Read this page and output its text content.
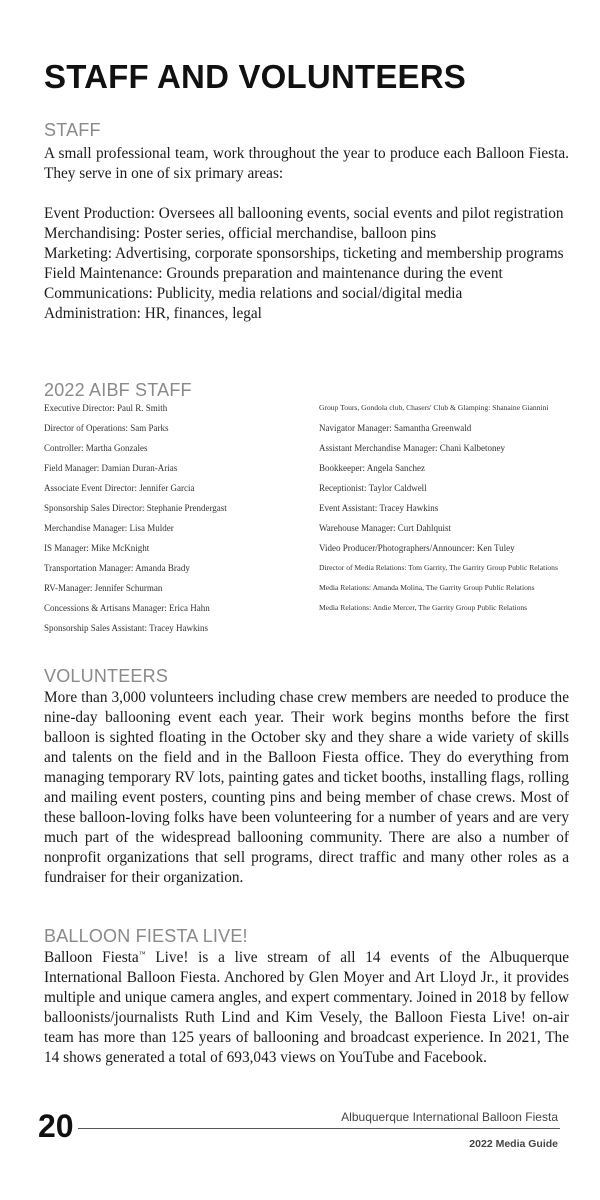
STAFF AND VOLUNTEERS
STAFF

A small professional team, work throughout the year to produce each Balloon Fiesta. They serve in one of six primary areas:

Event Production: Oversees all ballooning events, social events and pilot registration

Merchandising: Poster series, official merchandise, balloon pins

Marketing: Advertising, corporate sponsorships, ticketing and membership programs

Field Maintenance: Grounds preparation and maintenance during the event

Communications: Publicity, media relations and social/digital media

Administration: HR, finances, legal

2022 AIBF STAFF
Executive Director: Paul R. Smith
Director of Operations: Sam Parks
Controller: Martha Gonzales
Field Manager: Damian Duran-Arias
Associate Event Director: Jennifer Garcia
Sponsorship Sales Director: Stephanie Prendergast
Merchandise Manager: Lisa Mulder
IS Manager: Mike McKnight
Transportation Manager: Amanda Brady
RV-Manager: Jennifer Schurman
Concessions & Artisans Manager: Erica Hahn
Sponsorship Sales Assistant: Tracey Hawkins
Group Tours, Gondola club, Chasers' Club & Glamping: Shanaine Giannini
Navigator Manager: Samantha Greenwald
Assistant Merchandise Manager: Chani Kalbetoney
Bookkeeper: Angela Sanchez
Receptionist: Taylor Caldwell
Event Assistant: Tracey Hawkins
Warehouse Manager: Curt Dahlquist
Video Producer/Photographers/Announcer: Ken Tuley
Director of Media Relations: Tom Garrity, The Garrity Group Public Relations
Media Relations: Amanda Molina, The Garrity Group Public Relations
Media Relations: Andie Mercer, The Garrity Group Public Relations
VOLUNTEERS

More than 3,000 volunteers including chase crew members are needed to produce the nine-day ballooning event each year. Their work begins months before the first balloon is sighted floating in the October sky and they share a wide variety of skills and talents on the field and in the Balloon Fiesta office. They do everything from managing temporary RV lots, painting gates and ticket booths, installing flags, rolling and mailing event posters, counting pins and being member of chase crews. Most of these balloon-loving folks have been volunteering for a number of years and are very much part of the widespread ballooning community. There are also a number of nonprofit organizations that sell programs, direct traffic and many other roles as a fundraiser for their organization.

BALLOON FIESTA LIVE!

Balloon Fiesta™ Live! is a live stream of all 14 events of the Albuquerque International Balloon Fiesta. Anchored by Glen Moyer and Art Lloyd Jr., it provides multiple and unique camera angles, and expert commentary. Joined in 2018 by fellow balloonists/journalists Ruth Lind and Kim Vesely, the Balloon Fiesta Live! on-air team has more than 125 years of ballooning and broadcast experience. In 2021, The 14 shows generated a total of 693,043 views on YouTube and Facebook.

20	Albuquerque International Balloon Fiesta
2022 Media Guide
